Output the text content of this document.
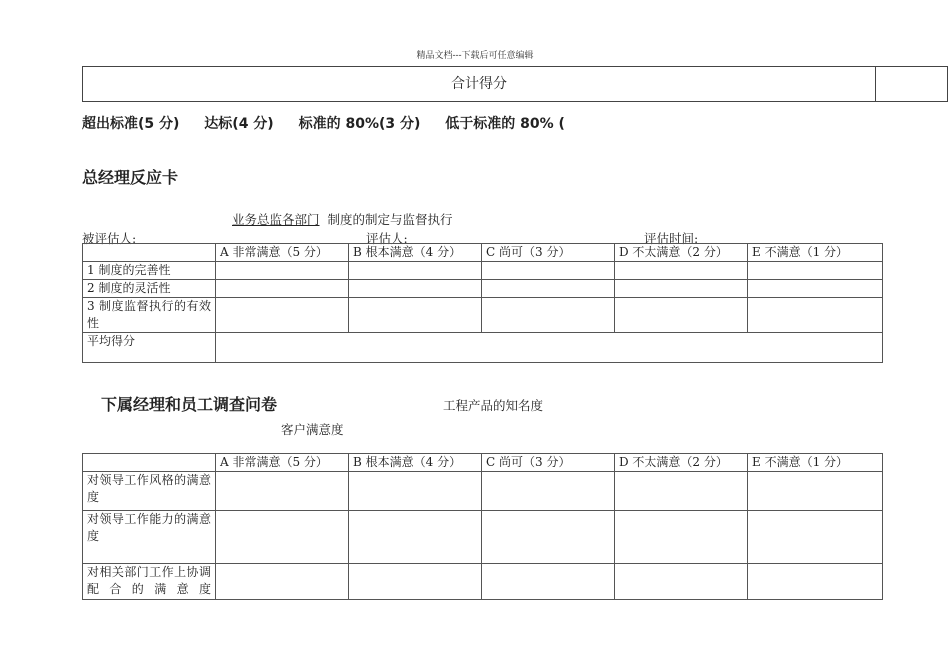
精品文档---下载后可任意编辑
合计得分
超出标准(5 分) 达标(4 分) 标准的 80%(3 分) 低于标准的 80% (
总经理反应卡
业务总监各部门 制度的制定与监督执行
被评估人:	评估人:	评估时间:
	A 非常满意（5 分）	B 根本满意（4 分）	C 尚可（3 分）	D 不太满意（2 分）	E 不满意（1 分）
1 制度的完善性					
2 制度的灵活性					
3 制度监督执行的有效性					
平均得分					
下属经理和员工调查问卷	工程产品的知名度
客户满意度
	A 非常满意（5 分）	B 根本满意（4 分）	C 尚可（3 分）	D 不太满意（2 分）	E 不满意（1 分）
对领导工作风格的满意度					
对领导工作能力的满意度					
对相关部门工作上协调配合的满意度					
